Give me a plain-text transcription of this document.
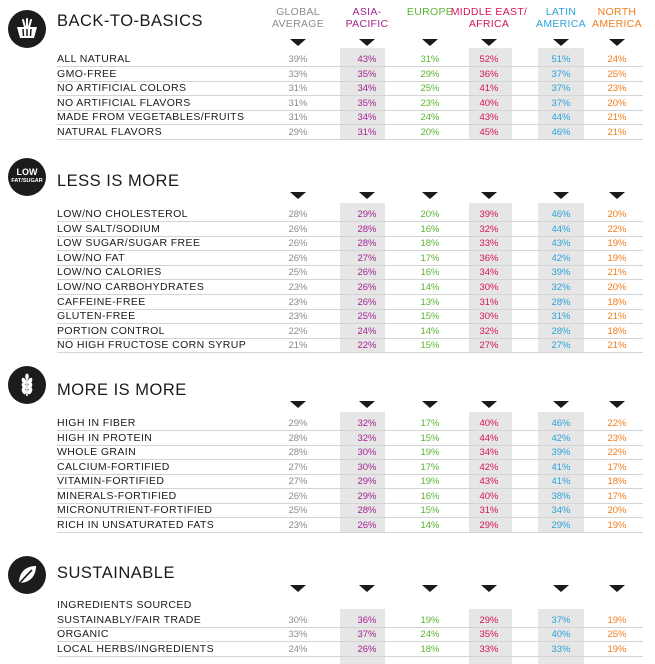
GLOBAL
AVERAGE
ASIA-
PACIFIC
EUROPE
MIDDLE EAST/
AFRICA
LATIN
AMERICA
NORTH
AMERICA
BACK-TO-BASICS
ALL NATURAL	39%	43%	31%	52%	51%	24%
GMO-FREE	33%	35%	29%	36%	37%	25%
NO ARTIFICIAL COLORS	31%	34%	25%	41%	37%	23%
NO ARTIFICIAL FLAVORS	31%	35%	23%	40%	37%	20%
MADE FROM VEGETABLES/FRUITS	31%	34%	24%	43%	44%	21%
NATURAL FLAVORS	29%	31%	20%	45%	46%	21%
LOW
FAT/SUGAR LESS IS MORE
LOW/NO CHOLESTEROL	28%	29%	20%	39%	46%	20%
LOW SALT/SODIUM	26%	28%	16%	32%	44%	22%
LOW SUGAR/SUGAR FREE	26%	28%	18%	33%	43%	19%
LOW/NO FAT	26%	27%	17%	36%	42%	19%
LOW/NO CALORIES	25%	26%	16%	34%	39%	21%
LOW/NO CARBOHYDRATES	23%	26%	14%	30%	32%	20%
CAFFEINE-FREE	23%	26%	13%	31%	28%	18%
GLUTEN-FREE	23%	25%	15%	30%	31%	21%
PORTION CONTROL	22%	24%	14%	32%	28%	18%
NO HIGH FRUCTOSE CORN SYRUP	21%	22%	15%	27%	27%	21%
MORE IS MORE
HIGH IN FIBER	29%	32%	17%	40%	46%	22%
HIGH IN PROTEIN	28%	32%	15%	44%	42%	23%
WHOLE GRAIN	28%	30%	19%	34%	39%	22%
CALCIUM-FORTIFIED	27%	30%	17%	42%	41%	17%
VITAMIN-FORTIFIED	27%	29%	19%	43%	41%	18%
MINERALS-FORTIFIED	26%	29%	16%	40%	38%	17%
MICRONUTRIENT-FORTIFIED	25%	28%	15%	31%	34%	20%
RICH IN UNSATURATED FATS	23%	26%	14%	29%	29%	19%
SUSTAINABLE
INGREDIENTS SOURCED
SUSTAINABLY/FAIR TRADE	30%	36%	19%	29%	37%	19%
ORGANIC	33%	37%	24%	35%	40%	25%
LOCAL HERBS/INGREDIENTS	24%	26%	18%	33%	33%	19%
